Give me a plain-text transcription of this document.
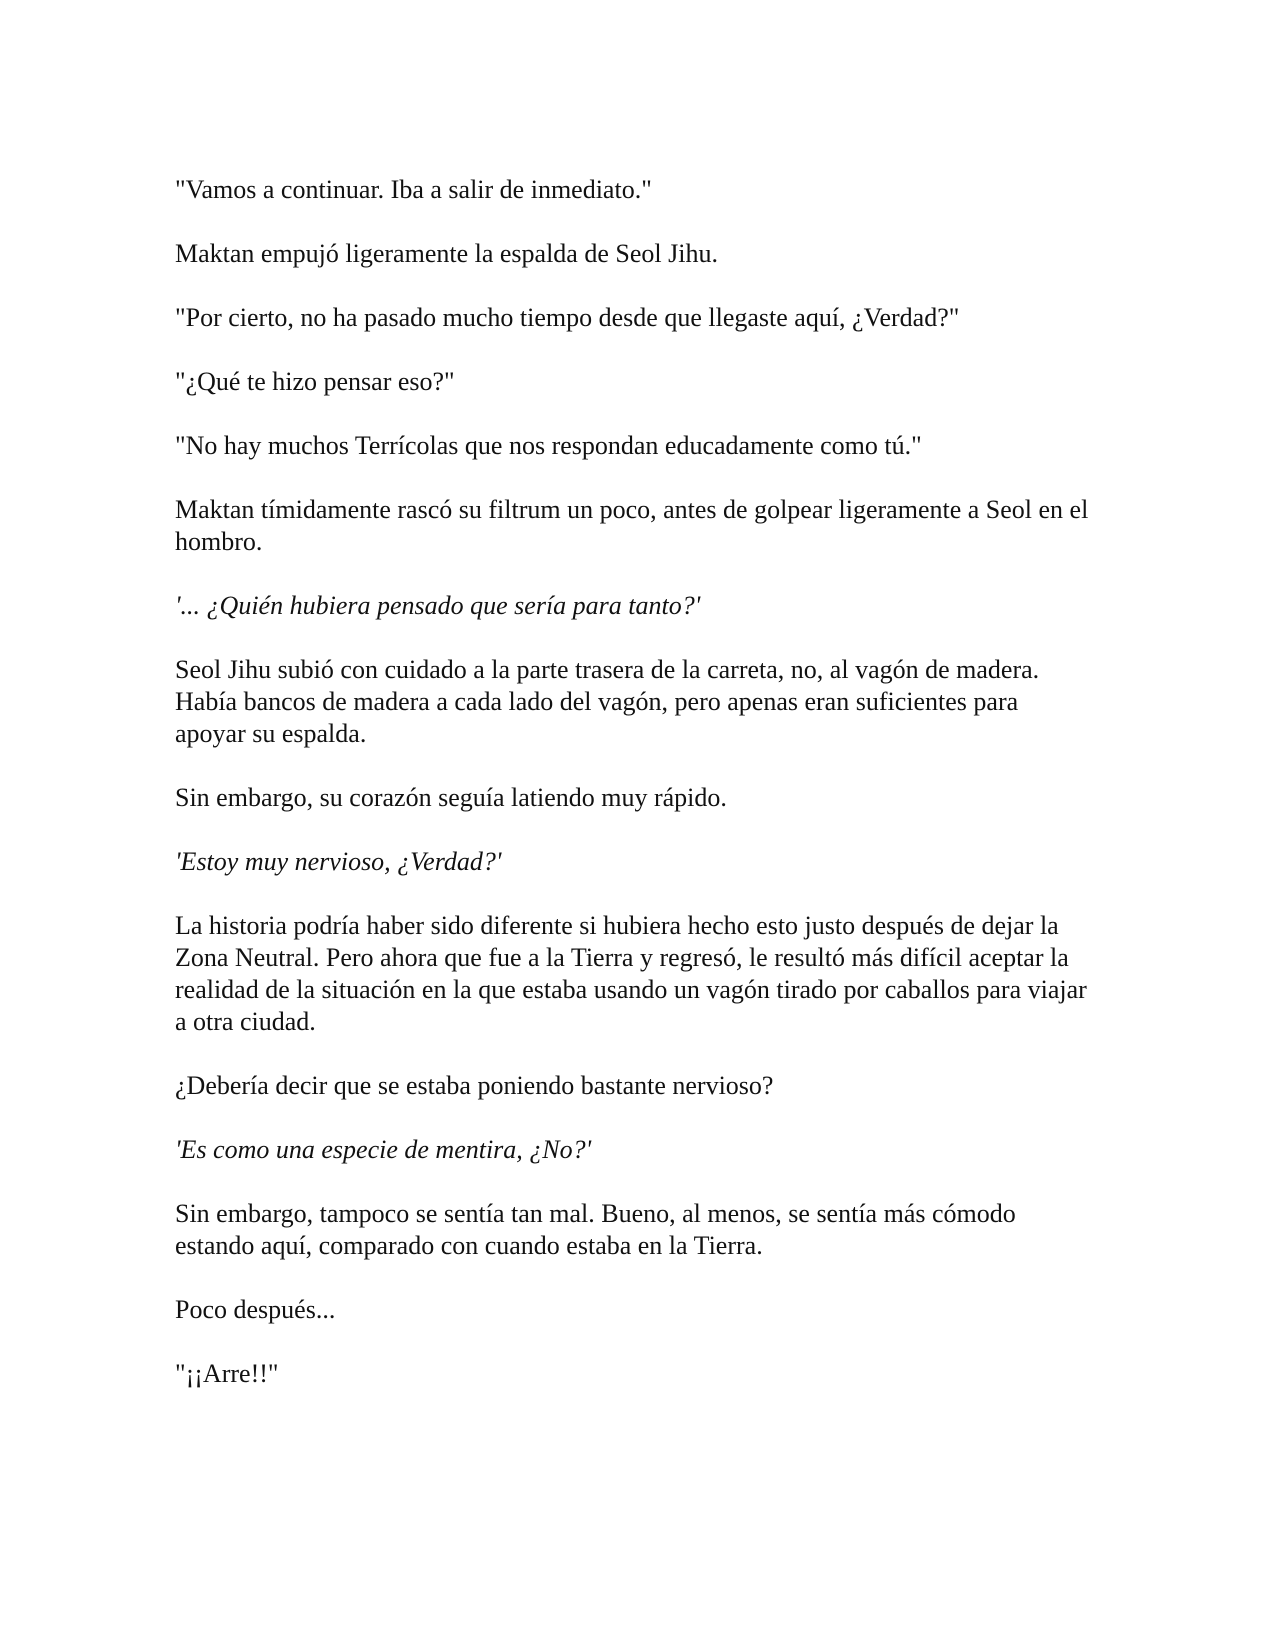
"Vamos a continuar. Iba a salir de inmediato."

Maktan empujó ligeramente la espalda de Seol Jihu.

"Por cierto, no ha pasado mucho tiempo desde que llegaste aquí, ¿Verdad?"

"¿Qué te hizo pensar eso?"

"No hay muchos Terrícolas que nos respondan educadamente como tú."

Maktan tímidamente rascó su filtrum un poco, antes de golpear ligeramente a Seol en el hombro.

'... ¿Quién hubiera pensado que sería para tanto?'

Seol Jihu subió con cuidado a la parte trasera de la carreta, no, al vagón de madera. Había bancos de madera a cada lado del vagón, pero apenas eran suficientes para apoyar su espalda.

Sin embargo, su corazón seguía latiendo muy rápido.

'Estoy muy nervioso, ¿Verdad?'

La historia podría haber sido diferente si hubiera hecho esto justo después de dejar la Zona Neutral. Pero ahora que fue a la Tierra y regresó, le resultó más difícil aceptar la realidad de la situación en la que estaba usando un vagón tirado por caballos para viajar a otra ciudad.

¿Debería decir que se estaba poniendo bastante nervioso?

'Es como una especie de mentira, ¿No?'

Sin embargo, tampoco se sentía tan mal. Bueno, al menos, se sentía más cómodo estando aquí, comparado con cuando estaba en la Tierra.

Poco después...

"¡¡Arre!!"
